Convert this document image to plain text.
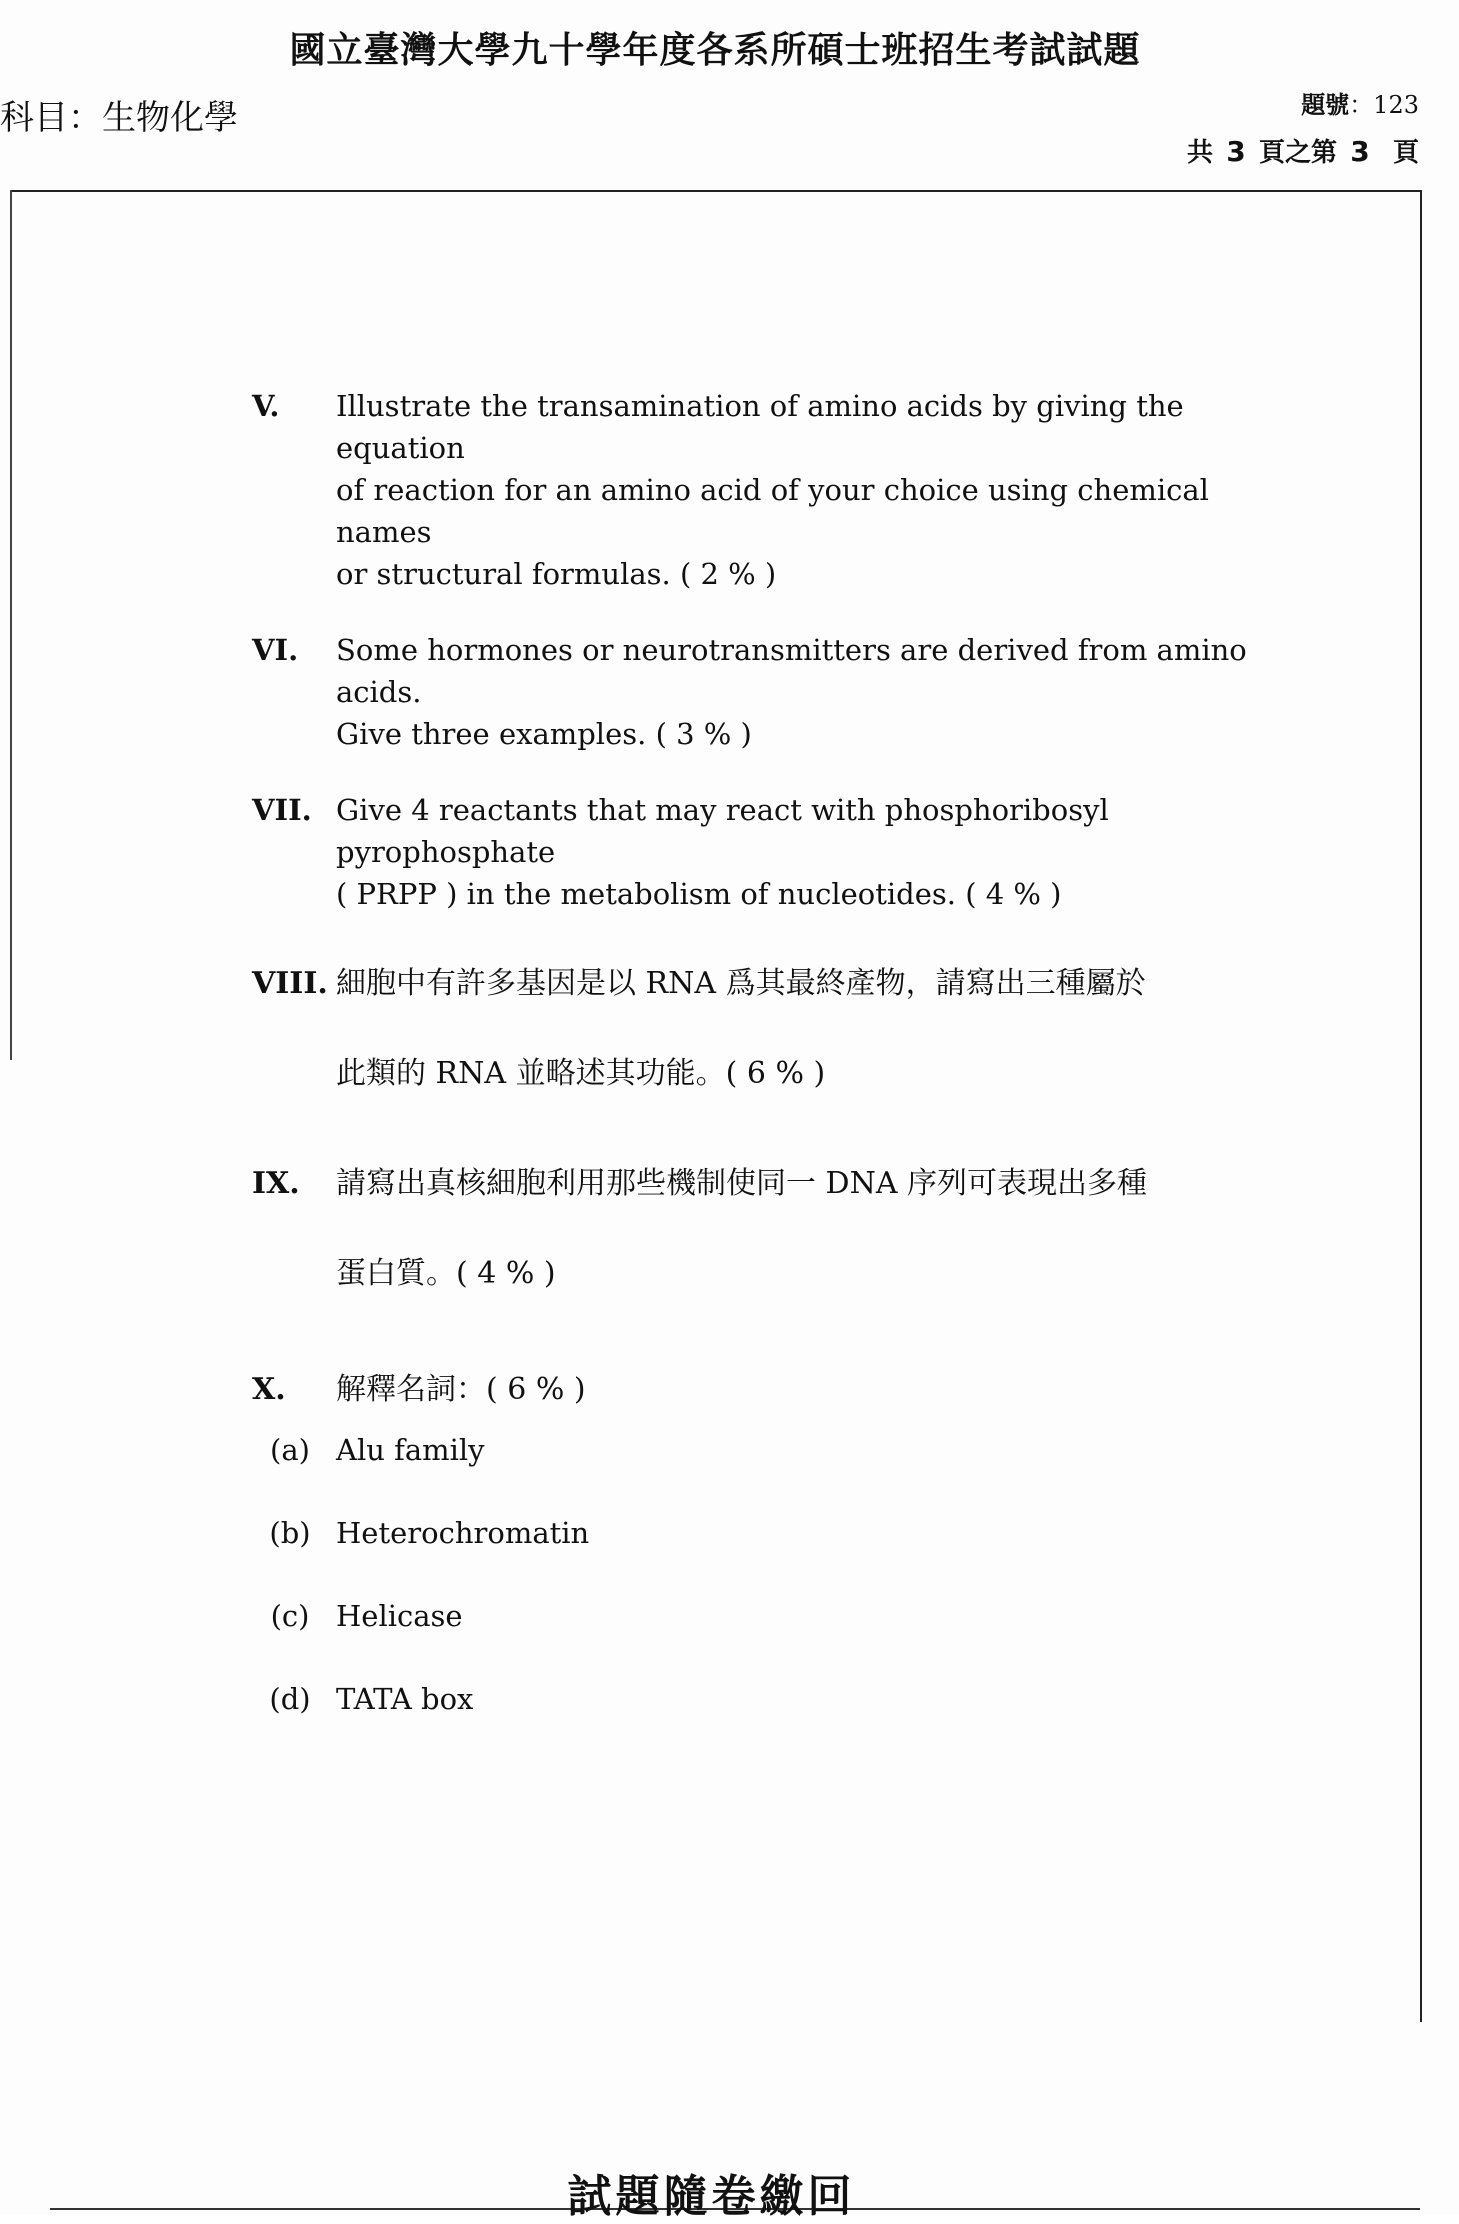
國立臺灣大學九十學年度各系所碩士班招生考試試題
科目：生物化學	題號：123
共 3 頁之第 3 頁
V. Illustrate the transamination of amino acids by giving the equation
of reaction for an amino acid of your choice using chemical names
or structural formulas. ( 2 % )
VI. Some hormones or neurotransmitters are derived from amino acids.
Give three examples. ( 3 % )
VII. Give 4 reactants that may react with phosphoribosyl pyrophosphate
( PRPP ) in the metabolism of nucleotides. ( 4 % )
VIII. 細胞中有許多基因是以 RNA 爲其最終產物，請寫出三種屬於
此類的 RNA 並略述其功能。( 6 % )
IX. 請寫出真核細胞利用那些機制使同一 DNA 序列可表現出多種
蛋白質。( 4 % )
X. 解釋名詞：( 6 % )
(a) Alu family
(b) Heterochromatin
(c) Helicase
(d) TATA box
試題隨卷繳回
